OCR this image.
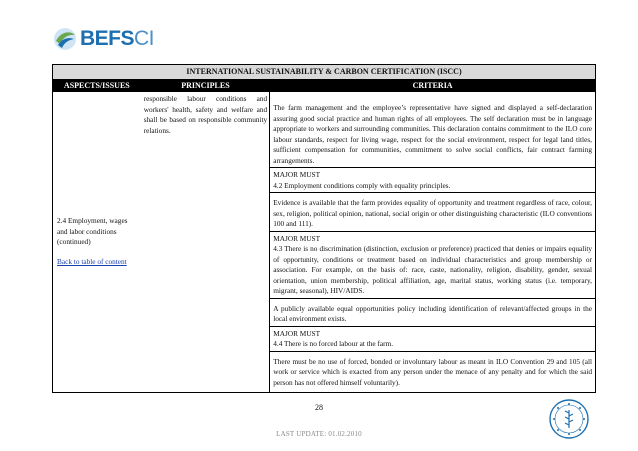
BEFSCI
INTERNATIONAL SUSTAINABILITY & CARBON CERTIFICATION (ISCC)
ASPECTS/ISSUES	PRINCIPLES	CRITERIA
2.4 Employment, wages
and labor conditions
(continued)
Back to table of content
responsible labour conditions and workers' health, safety and welfare and shall be based on responsible community relations.
The farm management and the employee’s representative have signed and displayed a self-declaration assuring good social practice and human rights of all employees. The self declaration must be in language appropriate to workers and surrounding communities. This declaration contains commitment to the ILO core labour standards, respect for living wage, respect for the social environment, respect for legal land titles, sufficient compensation for communities, commitment to solve social conflicts, fair contract farming arrangements.
MAJOR MUST
4.2 Employment conditions comply with equality principles.
Evidence is available that the farm provides equality of opportunity and treatment regardless of race, colour, sex, religion, political opinion, national, social origin or other distinguishing characteristic (ILO conventions 100 and 111).
MAJOR MUST
4.3 There is no discrimination (distinction, exclusion or preference) practiced that denies or impairs equality of opportunity, conditions or treatment based on individual characteristics and group membership or association. For example, on the basis of: race, caste, nationality, religion, disability, gender, sexual orientation, union membership, political affiliation, age, marital status, working status (i.e. temporary, migrant, seasonal), HIV/AIDS.
A publicly available equal opportunities policy including identification of relevant/affected groups in the local environment exists.
MAJOR MUST
4.4 There is no forced labour at the farm.
There must be no use of forced, bonded or involuntary labour as meant in ILO Convention 29 and 105 (all work or service which is exacted from any person under the menace of any penalty and for which the said person has not offered himself voluntarily).
28
LAST UPDATE: 01.02.2010
